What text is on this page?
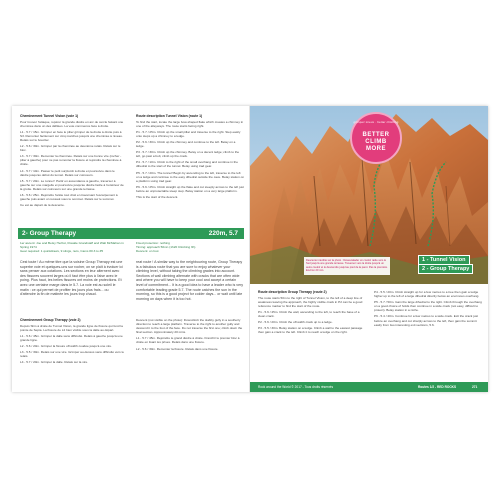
Cheminement Tunnel Vision (voie 1)

Pour trouver l'attaque, repérer la grande dièdre en arc de cercle faisant une cheminée dans un des défilées. La voie commence face à droite.

L1 - 5.7 / 15m. Grimper en face le pilier grimper de la droite à droite puis à S3. Remonter facilement sur cinq marches jusqu'à une cheminée à niveau. Relais sur le bouclier.

L2 - 5.6 / 30m. Grimper par la cheminée au deuxième relais. Relais sur le bloc.

L3 - 5.7 / 30m. Remonter la cheminée. Relais sur une bonne vire (rocher - pilier à gauche) pour ne pas remonter la fissure et rejoindre la cheminée à droite.

L4 - 5.7 / 10m. Passer le petit surplomb à droite et poursuivre dans le dièdre jusqu'au début du tunnel. Relais sur coinceurs.

L5 - 5.7 / 20m. Le tunnel ! Partir en ascendance à gauche, traverser à gauche sur une margelle et poursuivre jusqu'au dièdre facile à l'extérieur de la grotte. Relais sur coinceurs sur une grande terrasse.

L6 - 5.6 / 25m. Rejoindre l'arête tout droit en traversant l'escarpement à gauche puis avant un ressaut sous le sommet. Relais sur le sommet.

Ce est au départ de la descente.

Route description Tunnel Vision (route 1)

To find the start, locate the large bow-shaped flake which creates a chimney in one of the alleyways. The route starts facing right.

P1 - 5.7 / 25m. Climb up the small pillar and traverse to the right. Step easily onto steps up a chimney to a ledge.

P2 - 5.6 / 30m. Climb up the chimney and continue to the left. Belay on a ledge.

P3 - 5.7 / 30m. Climb up the chimney. Belay on a decent ledge; climb to the left, go past a bolt, climb up the crack.

P4 - 5.7 / 10m. Climb to the right of the small overhang and continue in the dihedral to the start of the tunnel. Belay using trad gear.

P5 - 5.7 / 20m. The tunnel! Begin by ascending to the left, traverse to the left on a ledge and continue to the easy dihedral outside the cave. Belay station on a platform using trad gear.

P6 - 5.6 / 25m. Climb straight up the flake and cut steeply across to the left just before an unprotectable steep step. Belay station on a very large platform.

This is the start of the descent.

2- Group Therapy	220m, 5.7
1er ascent: Joe and Betsy Herbst, Rosalie Grandstaff and Walt McMahan in Spring 1974
Gear required: 1 quickdraws, 9 slings, nuts, Cams #0.3 to #5
Fixed protection: nothing
Timing: approach 50mn (1h20 Climbing 3h)
Descent: on foot

Cest toute ! Au même titre que la voisine Group Therapy est une superbe voie et quelques-uns sur rocher, on se plaît à évoluer ici sans penser aux cotations. Les sections en leur alternent avec des fissures souvent larges où il faut être plus à l'aise avec le poing. Plus haut, les belles fissures ont moins de protections. Et avec une certaine marge dans le 5.7. La voie est au soleil le matin : ce qui permet de profiter les jours plus frais... ou d'attendre la fin de matinée les jours trop chaud.

reat route ! A similar way to the neighbouring route, Group Therapy is a fabulous route that you are sure to enjoy whatever your climbing level, without taking the climbing grades into account. Sections of wall climbing alternate with cracks that are often wide and where you will have to keep your cool and accept a certain level of commitment... It is a good idea to have a leader who is very comfortable leading grade 5.7. The route catches the sun in the morning, so this is a good project for colder days... or wait until late morning on days when it is too hot.

Cheminement Group Therapy (voie 2)

Depuis Slim à droite de Tunnel Vision, la grande ligne de fissure qui fend la pointe de Sepia. La fissure de L2 bien visible sous la dalle au départ.

L1 - 5.6 / 45m. Grimper la dalle sans difficulté. Relais à gauche jusqu'à une grande ligne.

L2 - 5.6 / 20m. Grimper la fissure off-width coudée jusqu'à une vire.

L3 - 5.5 / 30m. Relais sur une vire. Grimper au-dessus sans difficulté vers le relais.

L4 - 5.7 / 20m. Grimper la dalle. Relais sur la vire.

Descent (not visible on the photo): Downclimb the slabby gully in a southerly direction to reach a large platform. Traverse to the right to another gully and descend it to the foot of the face. Do not traverse the first one; climb down the final section. Approximately 20 mins.

L1 - 5.7 / 45m. Rejoindre le grand dièdre à droite. Franchir le premier bloc à droite en lisant les prises. Relais dans une fissure.

L2 - 5.6 / 30m. Remonter la fissure. Relais dans une fissure.

grimpez mieux · better climbing
BETTER
CLIMB
MORE
1 - Tunnel Vision
2 - Group Therapy
Descente interdite sur la photo : Désescalader un couloir raide vers le Sud jusqu'à une grande terrasse. Traverser vers la droite jusqu'à un autre couloir et le descendre jusqu'au pied de la paroi. Pas la première. Environ 20 min.
Route description Group Therapy (route 2)

The route starts 50m to the right of Tunnel Vision, to the left of a deep line of weakness leaving the approach, the highly visible crack in P2 can be a good reference marker to find the start of the route.

P1 - 5.6 / 45m. Climb the wall, ascending to the left, to reach the base of a clean crack.

P2 - 5.6 / 20m. Climb the off-width crack up to a ledge.

P3 - 5.5 / 30m. Belay station on a ledge. Climb a wall to the easiest passage then gain a crack to the left. Climb it to reach a ledge on the right.

P4 - 5.5 / 20m. Climb straight up for a few metres to a tree then gain a ledge higher up to the left of a large dihedral directly below an enormous overhang.

P5 - 5.7 / 50m. Gain the large dihedral to the right. Climb through the overhang on a good choice of holds then continue in a wide crack (not easy, difficult to protect). Belay station in a niche.

P6 - 5.4 / 40m. Continue for a few metres to a wide crack. Exit the crack just before an overhang and cut sharply across to the left, then gain the summit easily from two interesting exit sections, 5.6.

Rock around the World © 2017 - Tous droits réservés	Routes 1/2 - RED ROCKS	271
